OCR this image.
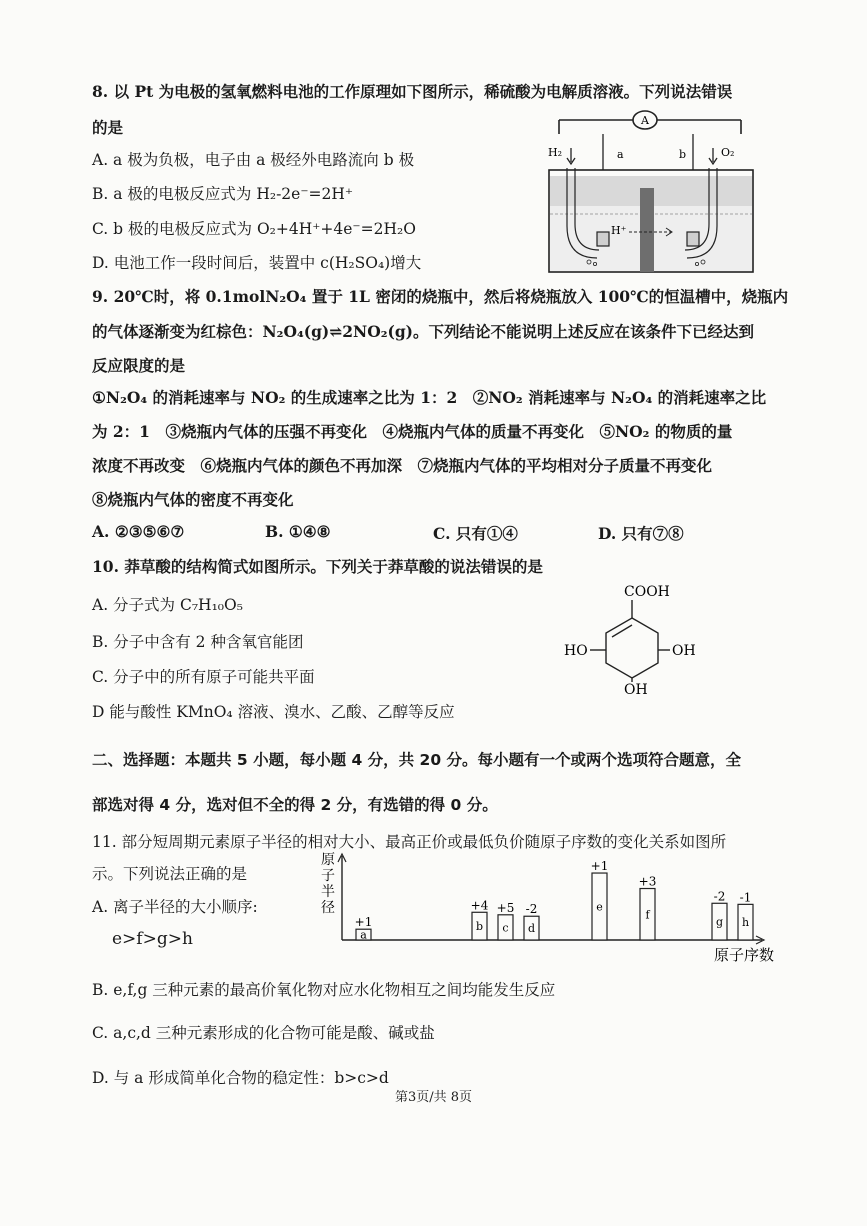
8. 以 Pt 为电极的氢氧燃料电池的工作原理如下图所示，稀硫酸为电解质溶液。下列说法错误
的是
A. a 极为负极，电子由 a 极经外电路流向 b 极
B. a 极的电极反应式为 H₂-2e⁻=2H⁺
C. b 极的电极反应式为 O₂+4H⁺+4e⁻=2H₂O
D. 电池工作一段时间后，装置中 c(H₂SO₄)增大
A
H₂	a	b	O₂
H⁺
9. 20℃时，将 0.1molN₂O₄ 置于 1L 密闭的烧瓶中，然后将烧瓶放入 100℃的恒温槽中，烧瓶内
的气体逐渐变为红棕色：N₂O₄(g)⇌2NO₂(g)。下列结论不能说明上述反应在该条件下已经达到
反应限度的是
①N₂O₄ 的消耗速率与 NO₂ 的生成速率之比为 1：2　②NO₂ 消耗速率与 N₂O₄ 的消耗速率之比
为 2：1　③烧瓶内气体的压强不再变化　④烧瓶内气体的质量不再变化　⑤NO₂ 的物质的量
浓度不再改变　⑥烧瓶内气体的颜色不再加深　⑦烧瓶内气体的平均相对分子质量不再变化
⑧烧瓶内气体的密度不再变化
A. ②③⑤⑥⑦	B. ①④⑧	C. 只有①④	D. 只有⑦⑧
10. 莽草酸的结构简式如图所示。下列关于莽草酸的说法错误的是
A. 分子式为 C₇H₁₀O₅
B. 分子中含有 2 种含氧官能团
C. 分子中的所有原子可能共平面
D 能与酸性 KMnO₄ 溶液、溴水、乙酸、乙醇等反应
COOH
HO	OH
OH
二、选择题：本题共 5 小题，每小题 4 分，共 20 分。每小题有一个或两个选项符合题意，全
部选对得 4 分，选对但不全的得 2 分，有选错的得 0 分。
11. 部分短周期元素原子半径的相对大小、最高正价或最低负价随原子序数的变化关系如图所
示。下列说法正确的是
A. 离子半径的大小顺序:
e>f>g>h
B. e,f,g 三种元素的最高价氧化物对应水化物相互之间均能发生反应
C. a,c,d 三种元素形成的化合物可能是酸、碱或盐
D. 与 a 形成简单化合物的稳定性：b>c>d
原子半径
原子序数
a
+1	b
+4
c
+5
d
-2	e
+1
f
+3
g
-2
h
-1
第3页/共 8页
